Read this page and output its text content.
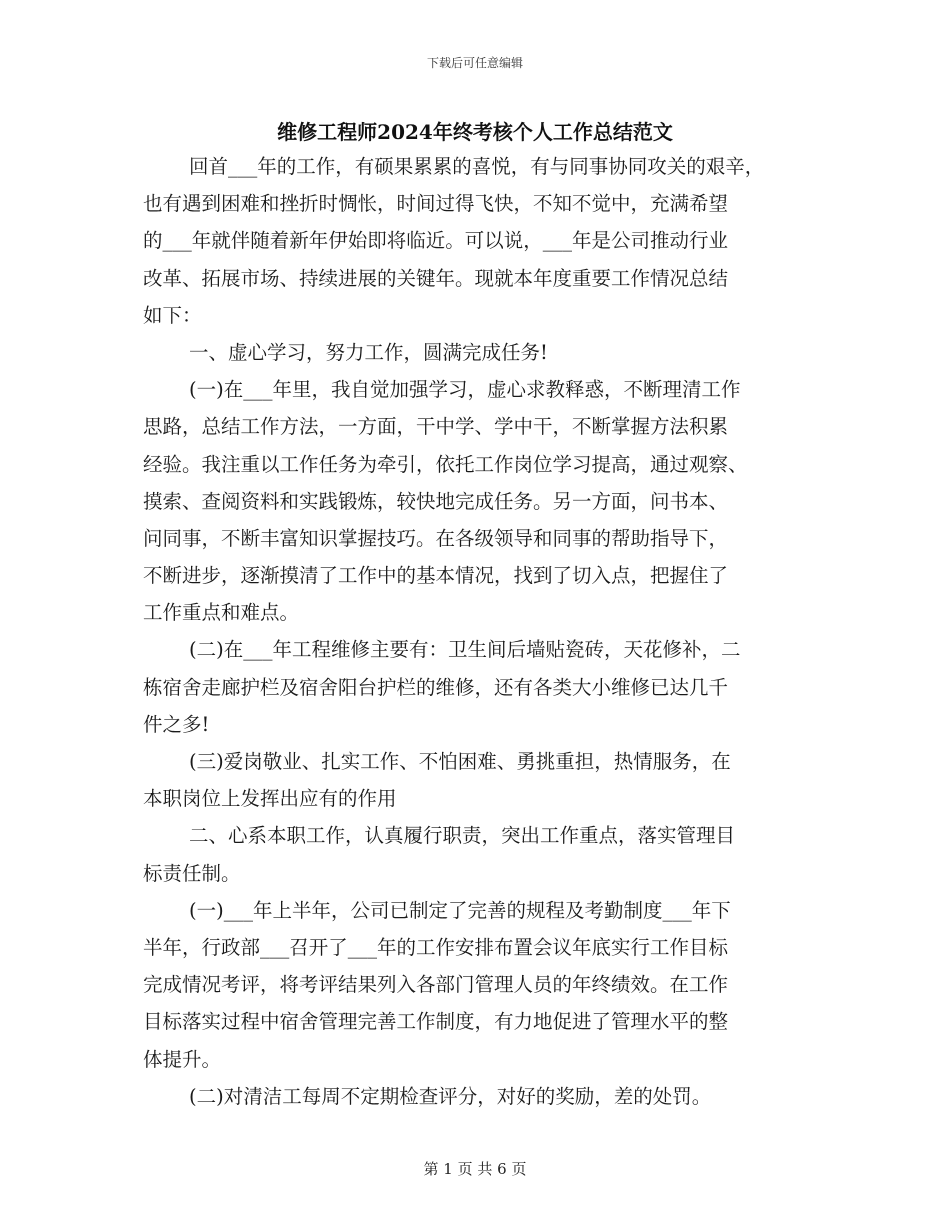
下载后可任意编辑
维修工程师2024年终考核个人工作总结范文
回首___年的工作，有硕果累累的喜悦，有与同事协同攻关的艰辛，
也有遇到困难和挫折时惆怅，时间过得飞快，不知不觉中，充满希望
的___年就伴随着新年伊始即将临近。可以说，___年是公司推动行业
改革、拓展市场、持续进展的关键年。现就本年度重要工作情况总结
如下：
一、虚心学习，努力工作，圆满完成任务!
(一)在___年里，我自觉加强学习，虚心求教释惑，不断理清工作
思路，总结工作方法，一方面，干中学、学中干，不断掌握方法积累
经验。我注重以工作任务为牵引，依托工作岗位学习提高，通过观察、
摸索、查阅资料和实践锻炼，较快地完成任务。另一方面，问书本、
问同事，不断丰富知识掌握技巧。在各级领导和同事的帮助指导下，
不断进步，逐渐摸清了工作中的基本情况，找到了切入点，把握住了
工作重点和难点。
(二)在___年工程维修主要有：卫生间后墙贴瓷砖，天花修补，二
栋宿舍走廊护栏及宿舍阳台护栏的维修，还有各类大小维修已达几千
件之多!
(三)爱岗敬业、扎实工作、不怕困难、勇挑重担，热情服务，在
本职岗位上发挥出应有的作用
二、心系本职工作，认真履行职责，突出工作重点，落实管理目
标责任制。
(一)___年上半年，公司已制定了完善的规程及考勤制度___年下
半年，行政部___召开了___年的工作安排布置会议年底实行工作目标
完成情况考评，将考评结果列入各部门管理人员的年终绩效。在工作
目标落实过程中宿舍管理完善工作制度，有力地促进了管理水平的整
体提升。
(二)对清洁工每周不定期检查评分，对好的奖励，差的处罚。
第 1 页 共 6 页
